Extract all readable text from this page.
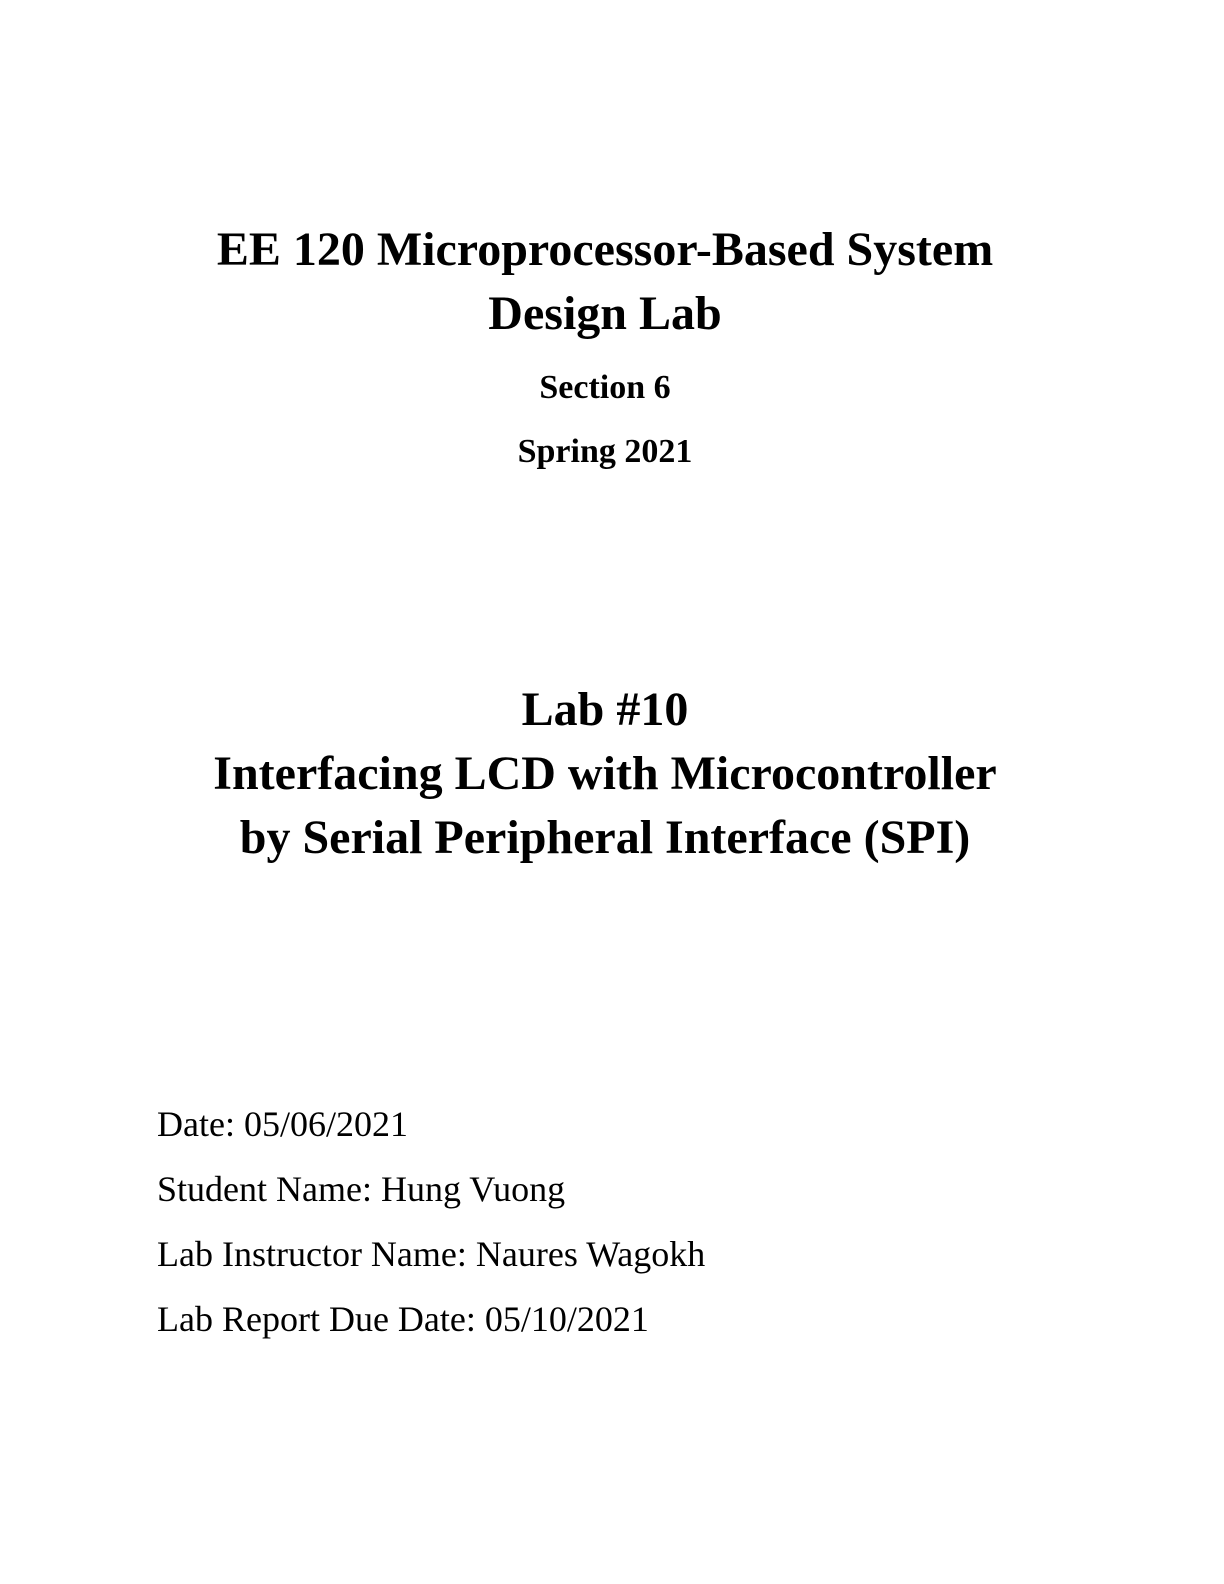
EE 120 Microprocessor-Based System

Design Lab

Section 6

Spring 2021

Lab #10

Interfacing LCD with Microcontroller

by Serial Peripheral Interface (SPI)

Date: 05/06/2021

Student Name: Hung Vuong

Lab Instructor Name: Naures Wagokh

Lab Report Due Date: 05/10/2021
